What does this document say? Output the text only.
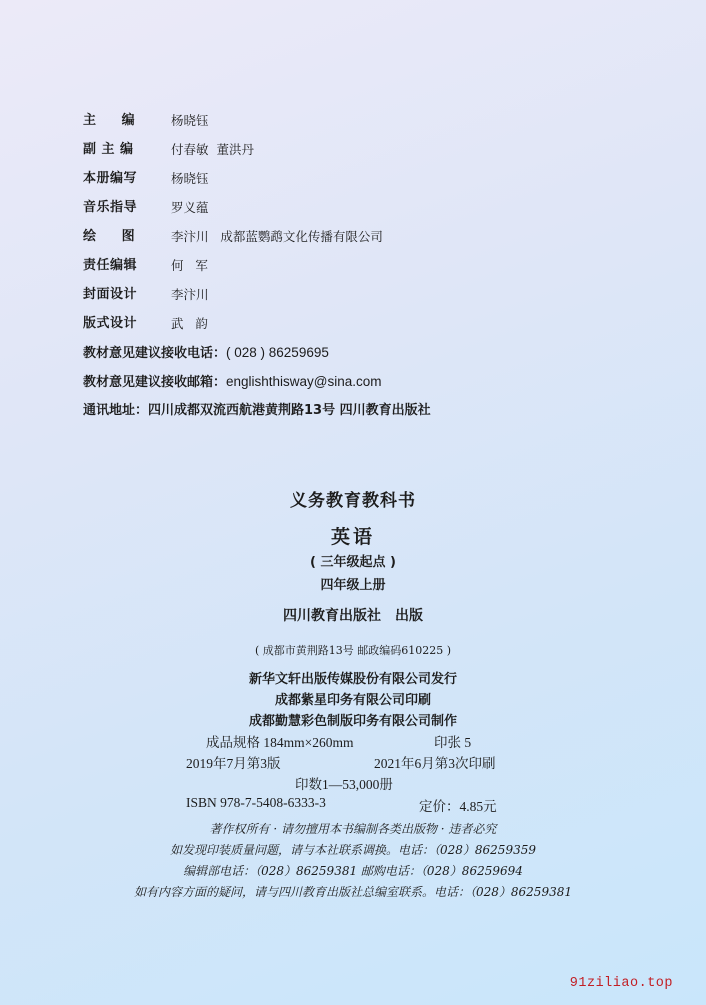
主     编	杨晓钰
副 主 编	付春敏  董洪丹
本册编写	杨晓钰
音乐指导	罗义蕴
绘     图	李汴川   成都蓝鹦鹉文化传播有限公司
责任编辑	何   军
封面设计	李汴川
版式设计	武   韵
教材意见建议接收电话：( 028 ) 86259695
教材意见建议接收邮箱：englishthisway@sina.com
通讯地址：四川成都双流西航港黄荆路13号 四川教育出版社
义务教育教科书
英语
( 三年级起点 )
四年级上册
四川教育出版社 出版
( 成都市黄荆路13号 邮政编码610225 )
新华文轩出版传媒股份有限公司发行
成都紫星印务有限公司印刷
成都勤慧彩色制版印务有限公司制作
成品规格 184mm×260mm	印张 5
2019年7月第3版	2021年6月第3次印刷
印数1—53,000册
ISBN 978-7-5408-6333-3	定价：4.85元
著作权所有 · 请勿擅用本书编制各类出版物 · 违者必究
如发现印装质量问题，请与本社联系调换。电话：（028）86259359
编辑部电话：（028）86259381 邮购电话：（028）86259694
如有内容方面的疑问，请与四川教育出版社总编室联系。电话：（028）86259381
91ziliao.top
